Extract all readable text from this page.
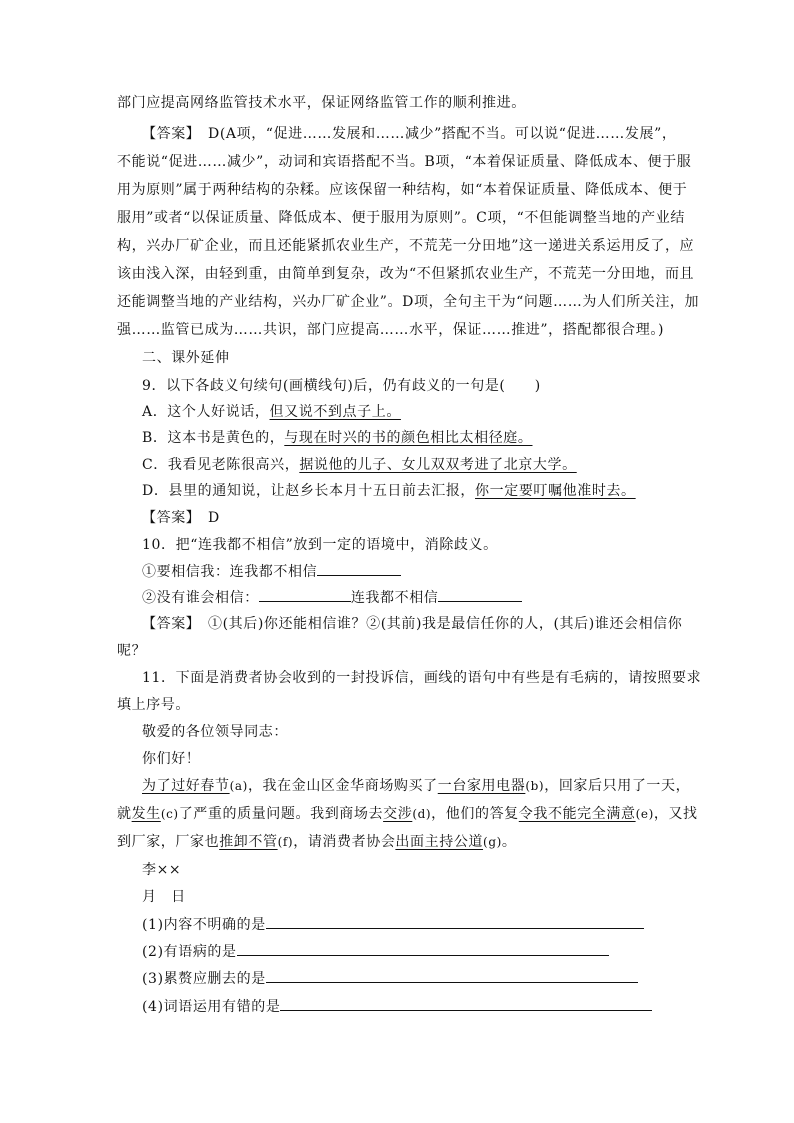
部门应提高网络监管技术水平，保证网络监管工作的顺利推进。
【答案】　D(A项，“促进……发展和……减少”搭配不当。可以说“促进……发展”，
不能说“促进……减少”，动词和宾语搭配不当。B项，“本着保证质量、降低成本、便于服
用为原则”属于两种结构的杂糅。应该保留一种结构，如“本着保证质量、降低成本、便于
服用”或者“以保证质量、降低成本、便于服用为原则”。C项，“不但能调整当地的产业结
构，兴办厂矿企业，而且还能紧抓农业生产，不荒芜一分田地”这一递进关系运用反了，应
该由浅入深，由轻到重，由简单到复杂，改为“不但紧抓农业生产，不荒芜一分田地，而且
还能调整当地的产业结构，兴办厂矿企业”。D项，全句主干为“问题……为人们所关注，加
强……监管已成为……共识，部门应提高……水平，保证……推进”，搭配都很合理。)
二、课外延伸
9．以下各歧义句续句(画横线句)后，仍有歧义的一句是(　　)
A．这个人好说话，但又说不到点子上。
B．这本书是黄色的，与现在时兴的书的颜色相比太相径庭。
C．我看见老陈很高兴，据说他的儿子、女儿双双考进了北京大学。
D．县里的通知说，让赵乡长本月十五日前去汇报，你一定要叮嘱他准时去。
【答案】　D
10．把“连我都不相信”放到一定的语境中，消除歧义。
①要相信我：连我都不相信
②没有谁会相信：	连我都不相信
【答案】　①(其后)你还能相信谁？②(其前)我是最信任你的人，(其后)谁还会相信你
呢？
11．下面是消费者协会收到的一封投诉信，画线的语句中有些是有毛病的，请按照要求
填上序号。
敬爱的各位领导同志：
你们好！
为了过好春节(a)，我在金山区金华商场购买了一台家用电器(b)，回家后只用了一天，
就发生(c)了严重的质量问题。我到商场去交涉(d)，他们的答复令我不能完全满意(e)，又找
到厂家，厂家也推卸不管(f)，请消费者协会出面主持公道(g)。
李××
月　日
(1)内容不明确的是
(2)有语病的是
(3)累赘应删去的是
(4)词语运用有错的是
